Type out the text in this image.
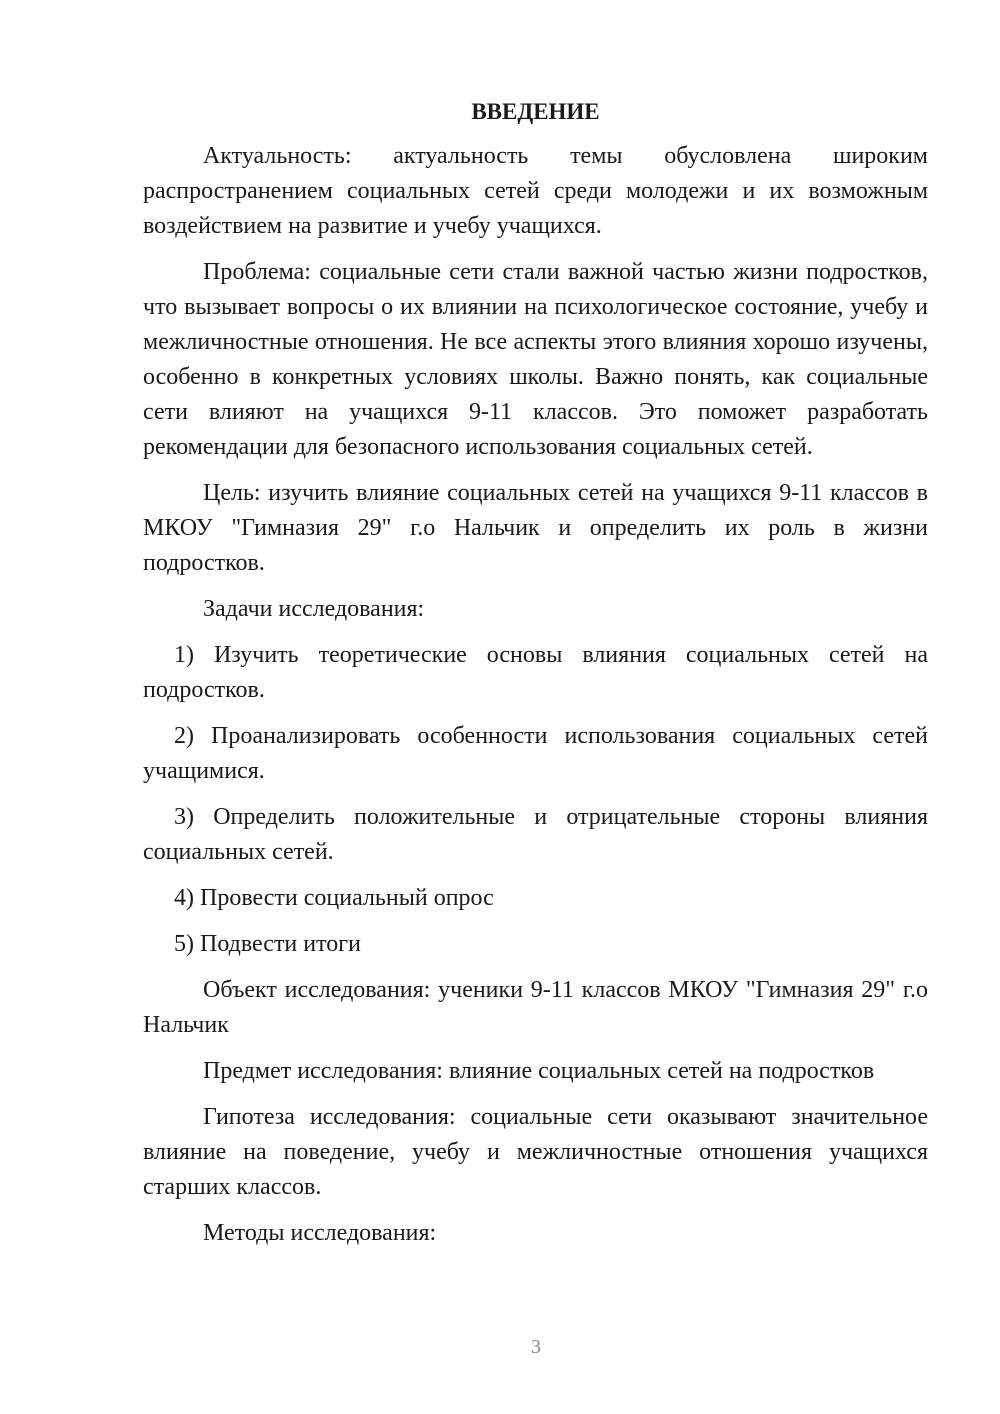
ВВЕДЕНИЕ

Актуальность: актуальность темы обусловлена широким распространением социальных сетей среди молодежи и их возможным воздействием на развитие и учебу учащихся.

Проблема: социальные сети стали важной частью жизни подростков, что вызывает вопросы о их влиянии на психологическое состояние, учебу и межличностные отношения. Не все аспекты этого влияния хорошо изучены, особенно в конкретных условиях школы. Важно понять, как социальные сети влияют на учащихся 9-11 классов. Это поможет разработать рекомендации для безопасного использования социальных сетей.

Цель: изучить влияние социальных сетей на учащихся 9-11 классов в МКОУ "Гимназия 29" г.о Нальчик и определить их роль в жизни подростков.

Задачи исследования:

1) Изучить теоретические основы влияния социальных сетей на подростков.

2) Проанализировать особенности использования социальных сетей учащимися.

3) Определить положительные и отрицательные стороны влияния социальных сетей.

4) Провести социальный опрос

5) Подвести итоги

Объект исследования: ученики 9-11 классов МКОУ "Гимназия 29" г.о Нальчик

Предмет исследования: влияние социальных сетей на подростков

Гипотеза исследования: социальные сети оказывают значительное влияние на поведение, учебу и межличностные отношения учащихся старших классов.

Методы исследования:

3
